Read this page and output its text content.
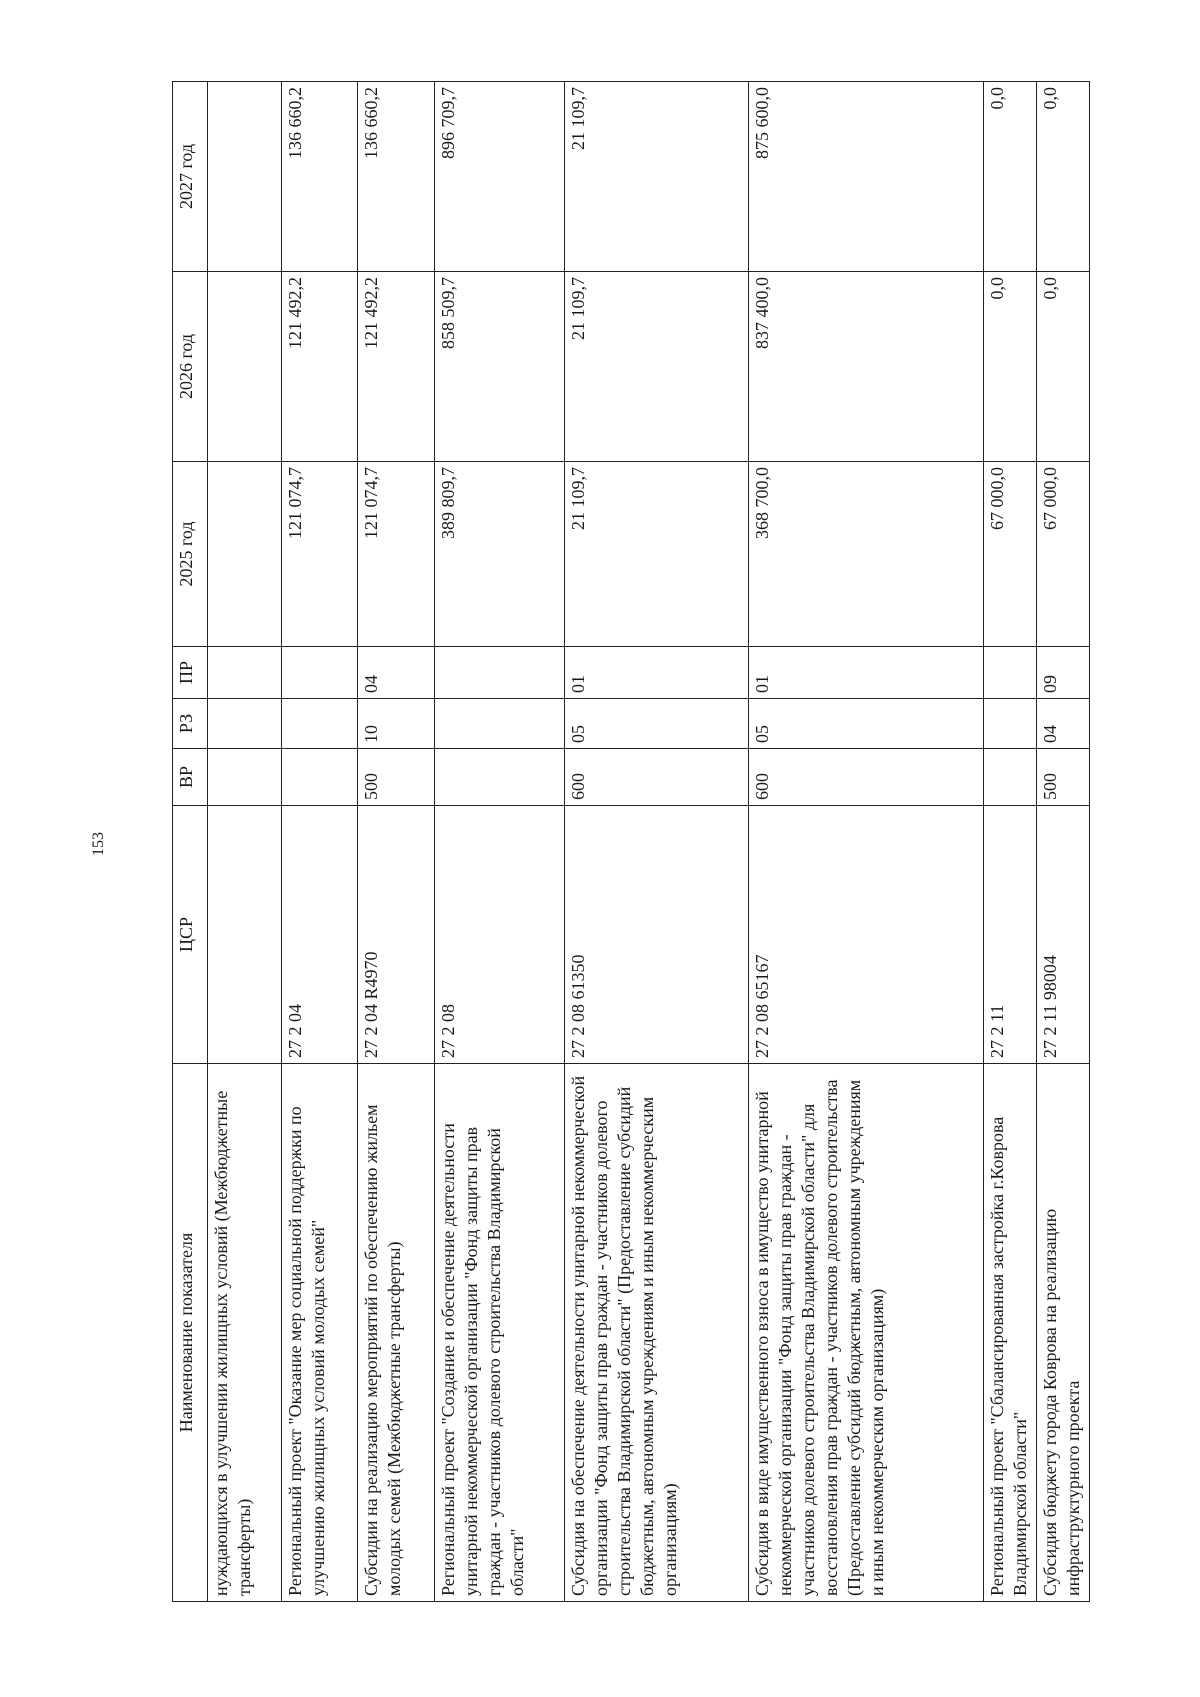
153
Наименование показателя	ЦСР	ВР	РЗ	ПР	2025 год	2026 год	2027 год
нуждающихся в улучшении жилищных условий (Межбюджетные трансферты)							
Региональный проект "Оказание мер социальной поддержки по улучшению жилищных условий молодых семей"	27 2 04				121 074,7	121 492,2	136 660,2
Субсидии на реализацию мероприятий по обеспечению жильем молодых семей (Межбюджетные трансферты)	27 2 04 R4970	500	10	04	121 074,7	121 492,2	136 660,2
Региональный проект "Создание и обеспечение деятельности унитарной некоммерческой организации "Фонд защиты прав граждан - участников долевого строительства Владимирской области"	27 2 08				389 809,7	858 509,7	896 709,7
Субсидия на обеспечение деятельности унитарной некоммерческой организации "Фонд защиты прав граждан - участников долевого строительства Владимирской области" (Предоставление субсидий бюджетным, автономным учреждениям и иным некоммерческим организациям)	27 2 08 61350	600	05	01	21 109,7	21 109,7	21 109,7
Субсидия в виде имущественного взноса в имущество унитарной некоммерческой организации "Фонд защиты прав граждан - участников долевого строительства Владимирской области" для восстановления прав граждан - участников долевого строительства (Предоставление субсидий бюджетным, автономным учреждениям и иным некоммерческим организациям)	27 2 08 65167	600	05	01	368 700,0	837 400,0	875 600,0
Региональный проект "Сбалансированная застройка г.Коврова Владимирской области"	27 2 11				67 000,0	0,0	0,0
Субсидия бюджету города Коврова на реализацию инфраструктурного проекта	27 2 11 98004	500	04	09	67 000,0	0,0	0,0
